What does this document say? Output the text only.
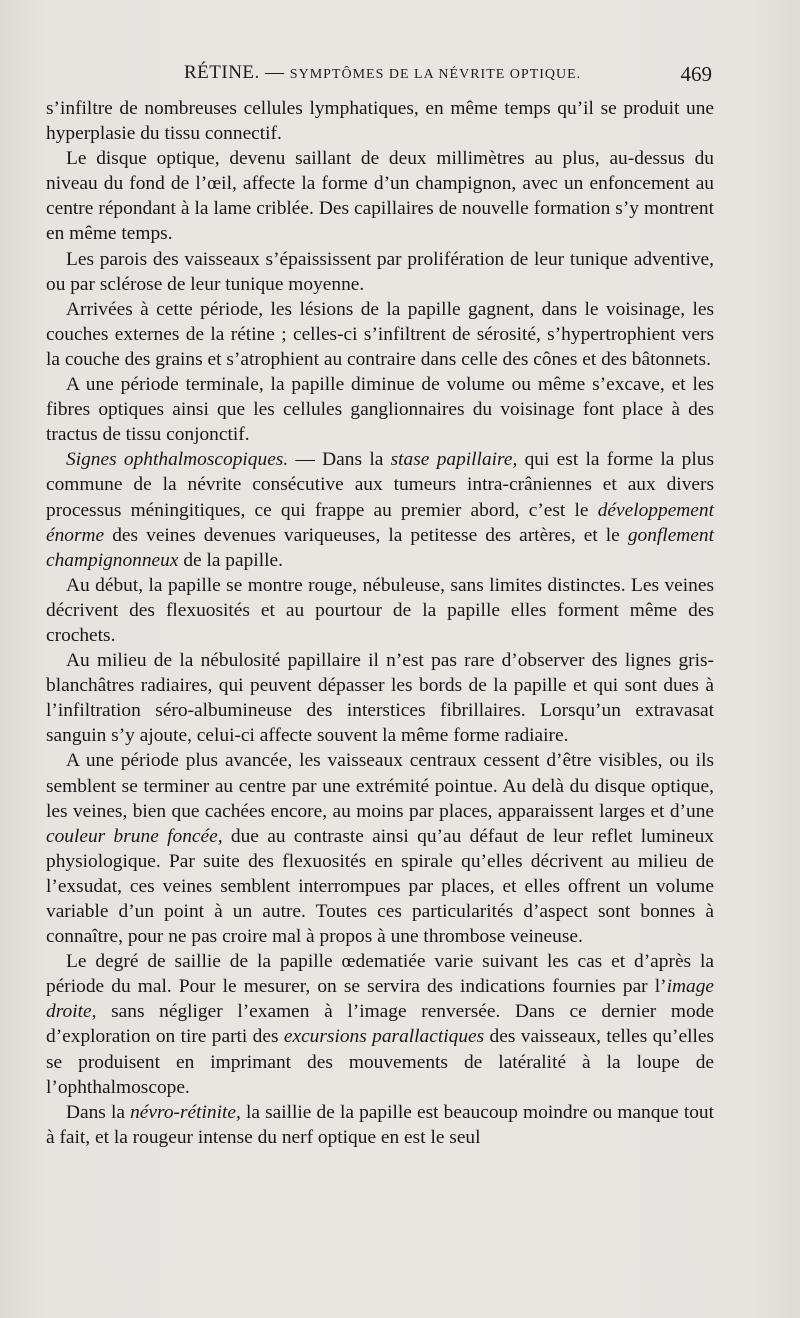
RÉTINE. — SYMPTÔMES DE LA NÉVRITE OPTIQUE.	469

s’infiltre de nombreuses cellules lymphatiques, en même temps qu’il se produit une hyperplasie du tissu connectif.

Le disque optique, devenu saillant de deux millimètres au plus, au-dessus du niveau du fond de l’œil, affecte la forme d’un champignon, avec un enfoncement au centre répondant à la lame criblée. Des capillaires de nouvelle formation s’y montrent en même temps.

Les parois des vaisseaux s’épaississent par prolifération de leur tunique adventive, ou par sclérose de leur tunique moyenne.

Arrivées à cette période, les lésions de la papille gagnent, dans le voisinage, les couches externes de la rétine ; celles-ci s’infiltrent de sérosité, s’hypertrophient vers la couche des grains et s’atrophient au contraire dans celle des cônes et des bâtonnets.

A une période terminale, la papille diminue de volume ou même s’excave, et les fibres optiques ainsi que les cellules ganglionnaires du voisinage font place à des tractus de tissu conjonctif.

Signes ophthalmoscopiques. — Dans la stase papillaire, qui est la forme la plus commune de la névrite consécutive aux tumeurs intra-crâniennes et aux divers processus méningitiques, ce qui frappe au premier abord, c’est le développement énorme des veines devenues variqueuses, la petitesse des artères, et le gonflement champignonneux de la papille.

Au début, la papille se montre rouge, nébuleuse, sans limites distinctes. Les veines décrivent des flexuosités et au pourtour de la papille elles forment même des crochets.

Au milieu de la nébulosité papillaire il n’est pas rare d’observer des lignes gris-blanchâtres radiaires, qui peuvent dépasser les bords de la papille et qui sont dues à l’infiltration séro-albumineuse des interstices fibrillaires. Lorsqu’un extravasat sanguin s’y ajoute, celui-ci affecte souvent la même forme radiaire.

A une période plus avancée, les vaisseaux centraux cessent d’être visibles, ou ils semblent se terminer au centre par une extrémité pointue. Au delà du disque optique, les veines, bien que cachées encore, au moins par places, apparaissent larges et d’une couleur brune foncée, due au contraste ainsi qu’au défaut de leur reflet lumineux physiologique. Par suite des flexuosités en spirale qu’elles décrivent au milieu de l’exsudat, ces veines semblent interrompues par places, et elles offrent un volume variable d’un point à un autre. Toutes ces particularités d’aspect sont bonnes à connaître, pour ne pas croire mal à propos à une thrombose veineuse.

Le degré de saillie de la papille œdematiée varie suivant les cas et d’après la période du mal. Pour le mesurer, on se servira des indications fournies par l’image droite, sans négliger l’examen à l’image renversée. Dans ce dernier mode d’exploration on tire parti des excursions parallactiques des vaisseaux, telles qu’elles se produisent en imprimant des mouvements de latéralité à la loupe de l’ophthalmoscope.

Dans la névro-rétinite, la saillie de la papille est beaucoup moindre ou manque tout à fait, et la rougeur intense du nerf optique en est le seul
